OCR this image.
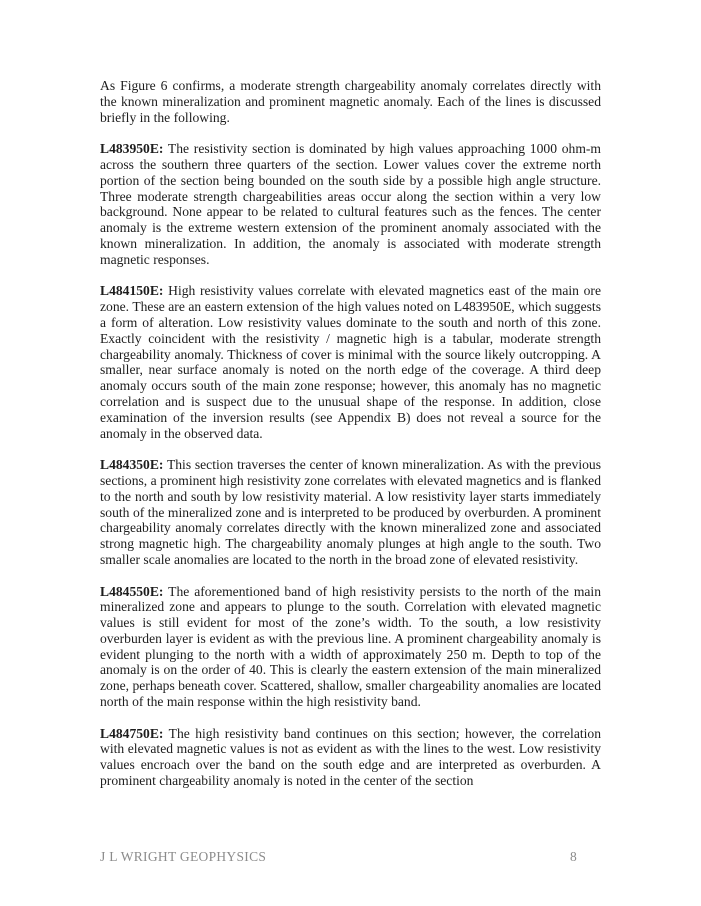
As Figure 6 confirms, a moderate strength chargeability anomaly correlates directly with the known mineralization and prominent magnetic anomaly. Each of the lines is discussed briefly in the following.

L483950E: The resistivity section is dominated by high values approaching 1000 ohm-m across the southern three quarters of the section. Lower values cover the extreme north portion of the section being bounded on the south side by a possible high angle structure. Three moderate strength chargeabilities areas occur along the section within a very low background. None appear to be related to cultural features such as the fences. The center anomaly is the extreme western extension of the prominent anomaly associated with the known mineralization. In addition, the anomaly is associated with moderate strength magnetic responses.

L484150E: High resistivity values correlate with elevated magnetics east of the main ore zone. These are an eastern extension of the high values noted on L483950E, which suggests a form of alteration. Low resistivity values dominate to the south and north of this zone. Exactly coincident with the resistivity / magnetic high is a tabular, moderate strength chargeability anomaly. Thickness of cover is minimal with the source likely outcropping. A smaller, near surface anomaly is noted on the north edge of the coverage. A third deep anomaly occurs south of the main zone response; however, this anomaly has no magnetic correlation and is suspect due to the unusual shape of the response. In addition, close examination of the inversion results (see Appendix B) does not reveal a source for the anomaly in the observed data.

L484350E: This section traverses the center of known mineralization. As with the previous sections, a prominent high resistivity zone correlates with elevated magnetics and is flanked to the north and south by low resistivity material. A low resistivity layer starts immediately south of the mineralized zone and is interpreted to be produced by overburden. A prominent chargeability anomaly correlates directly with the known mineralized zone and associated strong magnetic high. The chargeability anomaly plunges at high angle to the south. Two smaller scale anomalies are located to the north in the broad zone of elevated resistivity.

L484550E: The aforementioned band of high resistivity persists to the north of the main mineralized zone and appears to plunge to the south. Correlation with elevated magnetic values is still evident for most of the zone’s width. To the south, a low resistivity overburden layer is evident as with the previous line. A prominent chargeability anomaly is evident plunging to the north with a width of approximately 250 m. Depth to top of the anomaly is on the order of 40. This is clearly the eastern extension of the main mineralized zone, perhaps beneath cover. Scattered, shallow, smaller chargeability anomalies are located north of the main response within the high resistivity band.

L484750E: The high resistivity band continues on this section; however, the correlation with elevated magnetic values is not as evident as with the lines to the west. Low resistivity values encroach over the band on the south edge and are interpreted as overburden. A prominent chargeability anomaly is noted in the center of the section

J L WRIGHT GEOPHYSICS	8
